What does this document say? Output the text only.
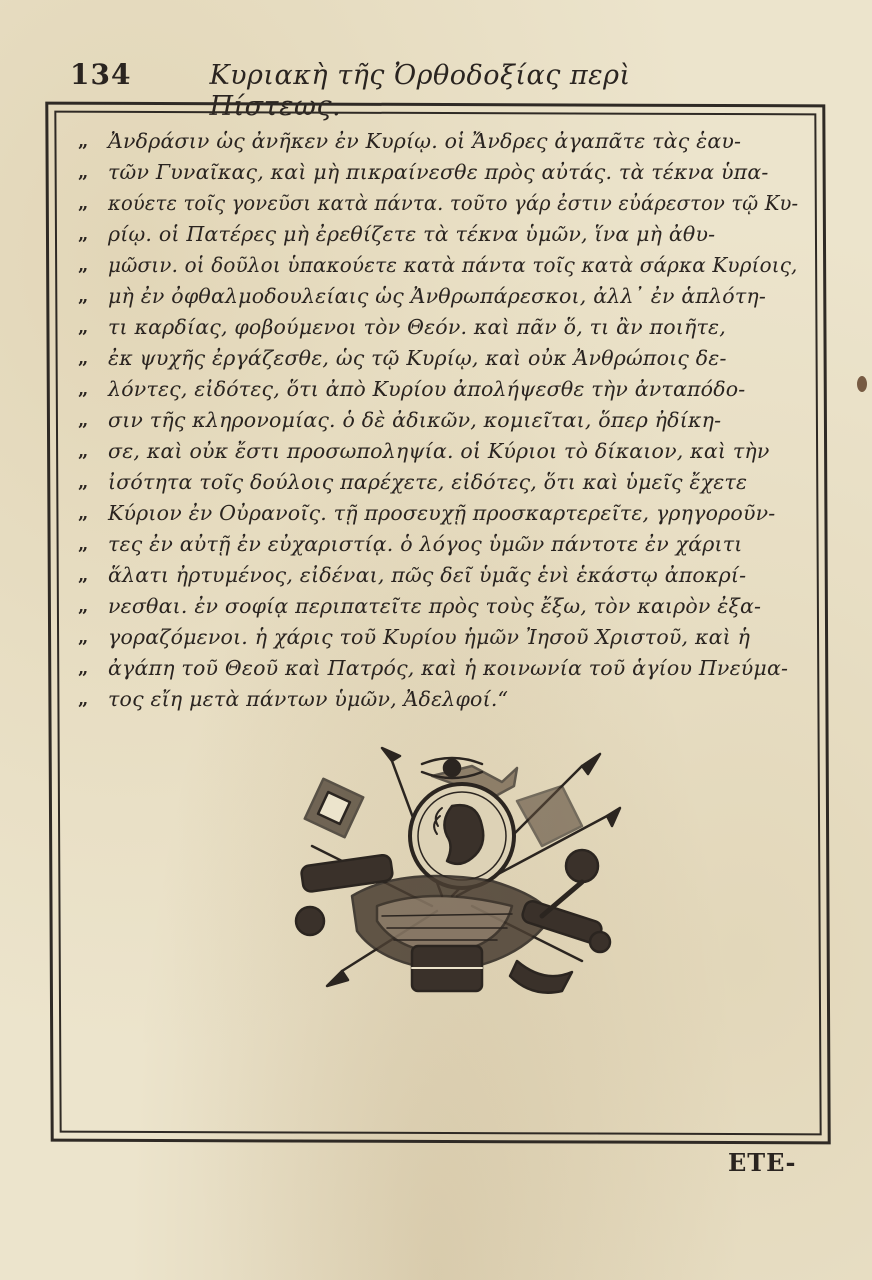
134	Κυριακὴ τῆς Ὀρθοδοξίας περὶ Πίστεως.
„ Ἀνδράσιν ὡς ἀνῆκεν ἐν Κυρίῳ. οἱ Ἄνδρες ἀγαπᾶτε τὰς ἑαυ-
„ τῶν Γυναῖκας, καὶ μὴ πικραίνεσθε πρὸς αὐτάς. τὰ τέκνα ὑπα-
„ κούετε τοῖς γονεῦσι κατὰ πάντα. τοῦτο γάρ ἐστιν εὐάρεστον τῷ Κυ-
„ ρίῳ. οἱ Πατέρες μὴ ἐρεθίζετε τὰ τέκνα ὑμῶν, ἵνα μὴ ἀθυ-
„ μῶσιν. οἱ δοῦλοι ὑπακούετε κατὰ πάντα τοῖς κατὰ σάρκα Κυρίοις,
„ μὴ ἐν ὀφθαλμοδουλείαις ὡς Ἀνθρωπάρεσκοι, ἀλλ᾽ ἐν ἁπλότη-
„ τι καρδίας, φοβούμενοι τὸν Θεόν. καὶ πᾶν ὅ, τι ἂν ποιῆτε,
„ ἐκ ψυχῆς ἐργάζεσθε, ὡς τῷ Κυρίῳ, καὶ οὐκ Ἀνθρώποις δε-
„ λόντες, εἰδότες, ὅτι ἀπὸ Κυρίου ἀπολήψεσθε τὴν ἀνταπόδο-
„ σιν τῆς κληρονομίας. ὁ δὲ ἀδικῶν, κομιεῖται, ὅπερ ἠδίκη-
„ σε, καὶ οὐκ ἔστι προσωποληψία. οἱ Κύριοι τὸ δίκαιον, καὶ τὴν
„ ἰσότητα τοῖς δούλοις παρέχετε, εἰδότες, ὅτι καὶ ὑμεῖς ἔχετε
„ Κύριον ἐν Οὐρανοῖς. τῇ προσευχῇ προσκαρτερεῖτε, γρηγοροῦν-
„ τες ἐν αὐτῇ ἐν εὐχαριστίᾳ. ὁ λόγος ὑμῶν πάντοτε ἐν χάριτι
„ ἅλατι ἠρτυμένος, εἰδέναι, πῶς δεῖ ὑμᾶς ἑνὶ ἑκάστῳ ἀποκρί-
„ νεσθαι. ἐν σοφίᾳ περιπατεῖτε πρὸς τοὺς ἔξω, τὸν καιρὸν ἐξα-
„ γοραζόμενοι. ἡ χάρις τοῦ Κυρίου ἡμῶν Ἰησοῦ Χριστοῦ, καὶ ἡ
„ ἀγάπη τοῦ Θεοῦ καὶ Πατρός, καὶ ἡ κοινωνία τοῦ ἁγίου Πνεύμα-
„ τος εἴη μετὰ πάντων ὑμῶν, Ἀδελφοί.“
ΕΤΕ-
